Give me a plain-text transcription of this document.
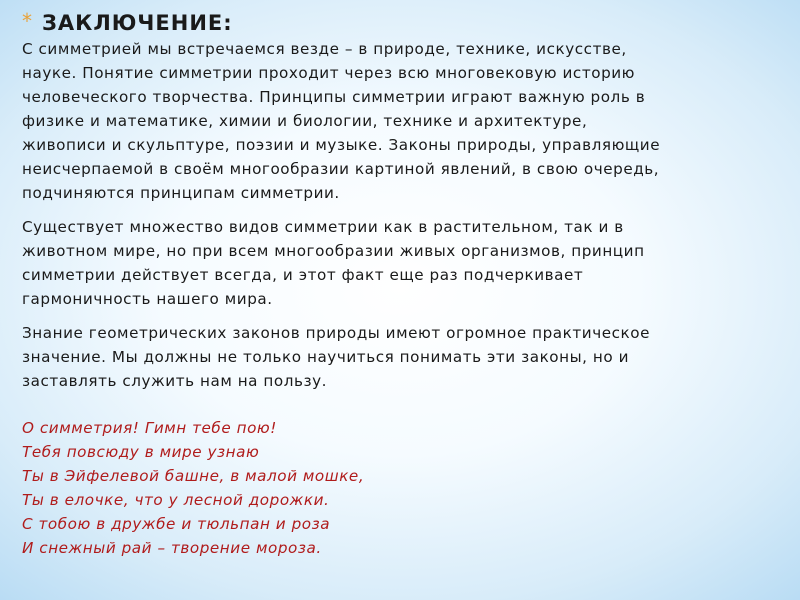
* ЗАКЛЮЧЕНИЕ:
С симметрией мы встречаемся везде – в природе, технике, искусстве,
науке. Понятие симметрии проходит через всю многовековую историю
человеческого творчества. Принципы симметрии играют важную роль в
физике и математике, химии и биологии, технике и архитектуре,
живописи и скульптуре, поэзии и музыке. Законы природы, управляющие
неисчерпаемой в своём многообразии картиной явлений, в свою очередь,
подчиняются принципам симметрии.
Существует множество видов симметрии как в растительном, так и в
животном мире, но при всем многообразии живых организмов, принцип
симметрии действует всегда, и этот факт еще раз подчеркивает
гармоничность нашего мира.
Знание геометрических законов природы имеют огромное практическое
значение. Мы должны не только научиться понимать эти законы, но и
заставлять служить нам на пользу.
О симметрия! Гимн тебе пою!
Тебя повсюду в мире узнаю
Ты в Эйфелевой башне, в малой мошке,
Ты в елочке, что у лесной дорожки.
С тобою в дружбе и тюльпан и роза
И снежный рай – творение мороза.
